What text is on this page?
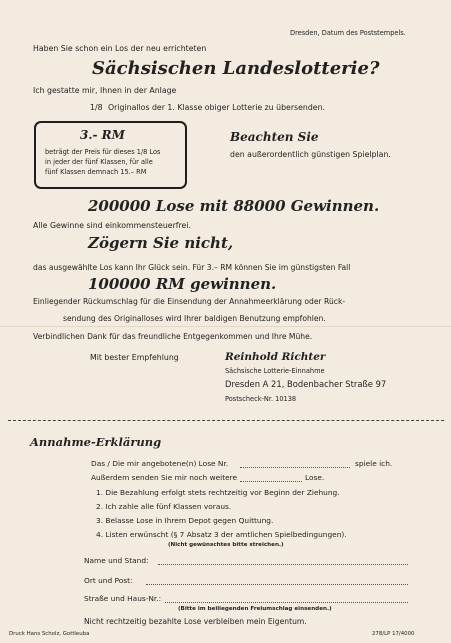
Dresden, Datum des Poststempels.
Haben Sie schon ein Los der neu errichteten
Sächsischen Landeslotterie?
Ich gestatte mir, Ihnen in der Anlage
1/8 Originallos der 1. Klasse obiger Lotterie zu übersenden.
3.- RM
beträgt der Preis für dieses 1/8 Los
in jeder der fünf Klassen, für alle
fünf Klassen demnach 15.– RM
Beachten Sie
den außerordentlich günstigen Spielplan.
200000 Lose mit 88000 Gewinnen.
Alle Gewinne sind einkommensteuerfrei.
Zögern Sie nicht,
das ausgewählte Los kann Ihr Glück sein. Für 3.– RM können Sie im günstigsten Fall
100000 RM gewinnen.
Einliegender Rückumschlag für die Einsendung der Annahmeerklärung oder Rück-
sendung des Originalloses wird Ihrer baldigen Benutzung empfohlen.
Verbindlichen Dank für das freundliche Entgegenkommen und Ihre Mühe.
Mit bester Empfehlung	Reinhold Richter
Sächsische Lotterie-Einnahme
Dresden A 21, Bodenbacher Straße 97
Postscheck-Nr. 10138
Annahme-Erklärung
Das / Die mir angebotene(n) Lose Nr.	spiele ich.
Außerdem senden Sie mir noch weitere	Lose.
1. Die Bezahlung erfolgt stets rechtzeitig vor Beginn der Ziehung.
2. Ich zahle alle fünf Klassen voraus.
3. Belasse Lose in Ihrem Depot gegen Quittung.
4. Listen erwünscht (§ 7 Absatz 3 der amtlichen Spielbedingungen).
(Nicht gewünschtes bitte streichen.)
Name und Stand:
Ort und Post:
Straße und Haus-Nr.:
(Bitte im beiliegenden Freiumschlag einsenden.)
Nicht rechtzeitig bezahlte Lose verbleiben mein Eigentum.
Druck Hans Scholz, Gottleuba	278/LP 17/4000
